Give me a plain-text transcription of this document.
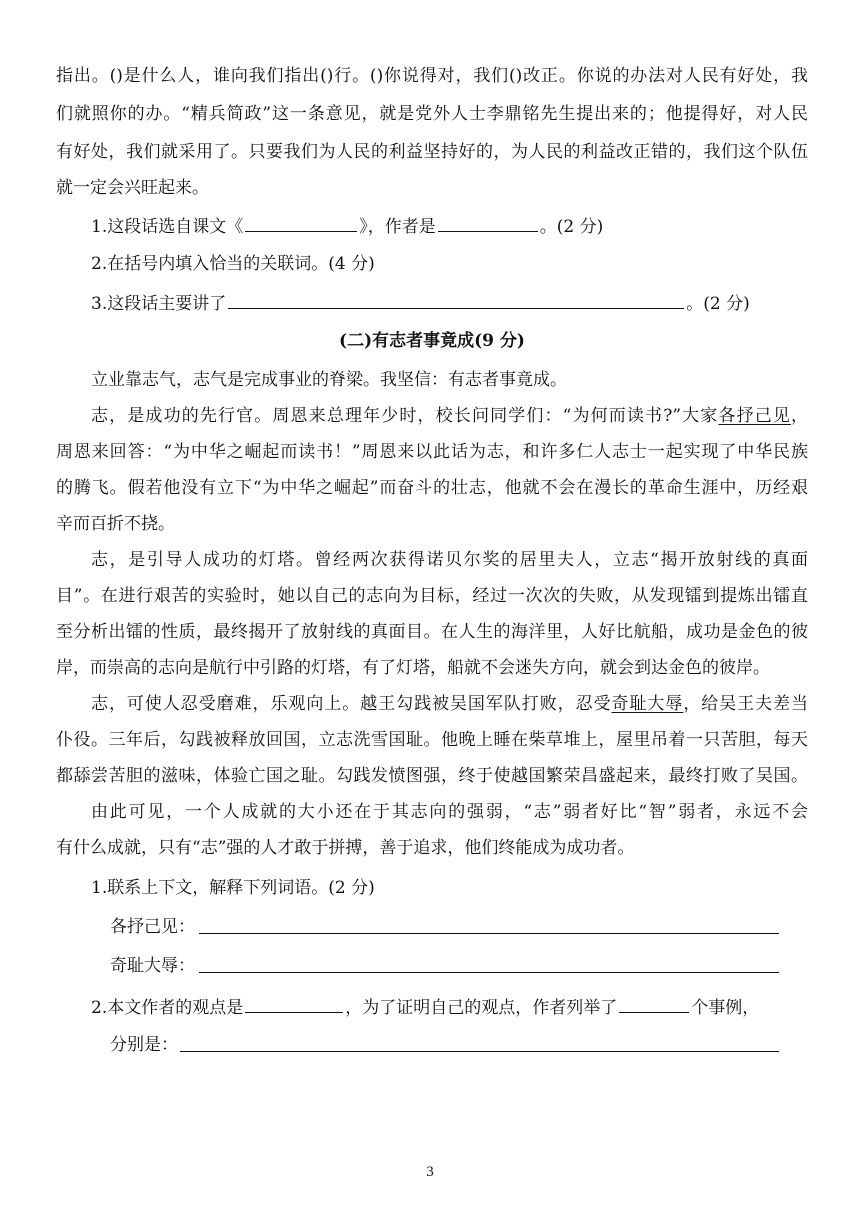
指出。()是什么人，谁向我们指出()行。()你说得对，我们()改正。你说的办法对人民有好处，我
们就照你的办。“精兵简政”这一条意见，就是党外人士李鼎铭先生提出来的；他提得好，对人民
有好处，我们就采用了。只要我们为人民的利益坚持好的，为人民的利益改正错的，我们这个队伍
就一定会兴旺起来。
1.这段话选自课文《	》，作者是	。(2 分)
2.在括号内填入恰当的关联词。(4 分)
3.这段话主要讲了	。(2 分)
(二)有志者事竟成(9 分)
立业靠志气，志气是完成事业的脊梁。我坚信：有志者事竟成。
志，是成功的先行官。周恩来总理年少时，校长问同学们：“为何而读书?”大家各抒己见，
周恩来回答：“为中华之崛起而读书！”周恩来以此话为志，和许多仁人志士一起实现了中华民族
的腾飞。假若他没有立下“为中华之崛起”而奋斗的壮志，他就不会在漫长的革命生涯中，历经艰
辛而百折不挠。
志，是引导人成功的灯塔。曾经两次获得诺贝尔奖的居里夫人，立志“揭开放射线的真面
目”。在进行艰苦的实验时，她以自己的志向为目标，经过一次次的失败，从发现镭到提炼出镭直
至分析出镭的性质，最终揭开了放射线的真面目。在人生的海洋里，人好比航船，成功是金色的彼
岸，而崇高的志向是航行中引路的灯塔，有了灯塔，船就不会迷失方向，就会到达金色的彼岸。
志，可使人忍受磨难，乐观向上。越王勾践被吴国军队打败，忍受奇耻大辱，给吴王夫差当
仆役。三年后，勾践被释放回国，立志洗雪国耻。他晚上睡在柴草堆上，屋里吊着一只苦胆，每天
都舔尝苦胆的滋味，体验亡国之耻。勾践发愤图强，终于使越国繁荣昌盛起来，最终打败了吴国。
由此可见，一个人成就的大小还在于其志向的强弱，“志”弱者好比“智”弱者，永远不会
有什么成就，只有“志”强的人才敢于拼搏，善于追求，他们终能成为成功者。
1.联系上下文，解释下列词语。(2 分)
各抒己见：
奇耻大辱：
2.本文作者的观点是	，为了证明自己的观点，作者列举了	个事例，
分别是：
3
